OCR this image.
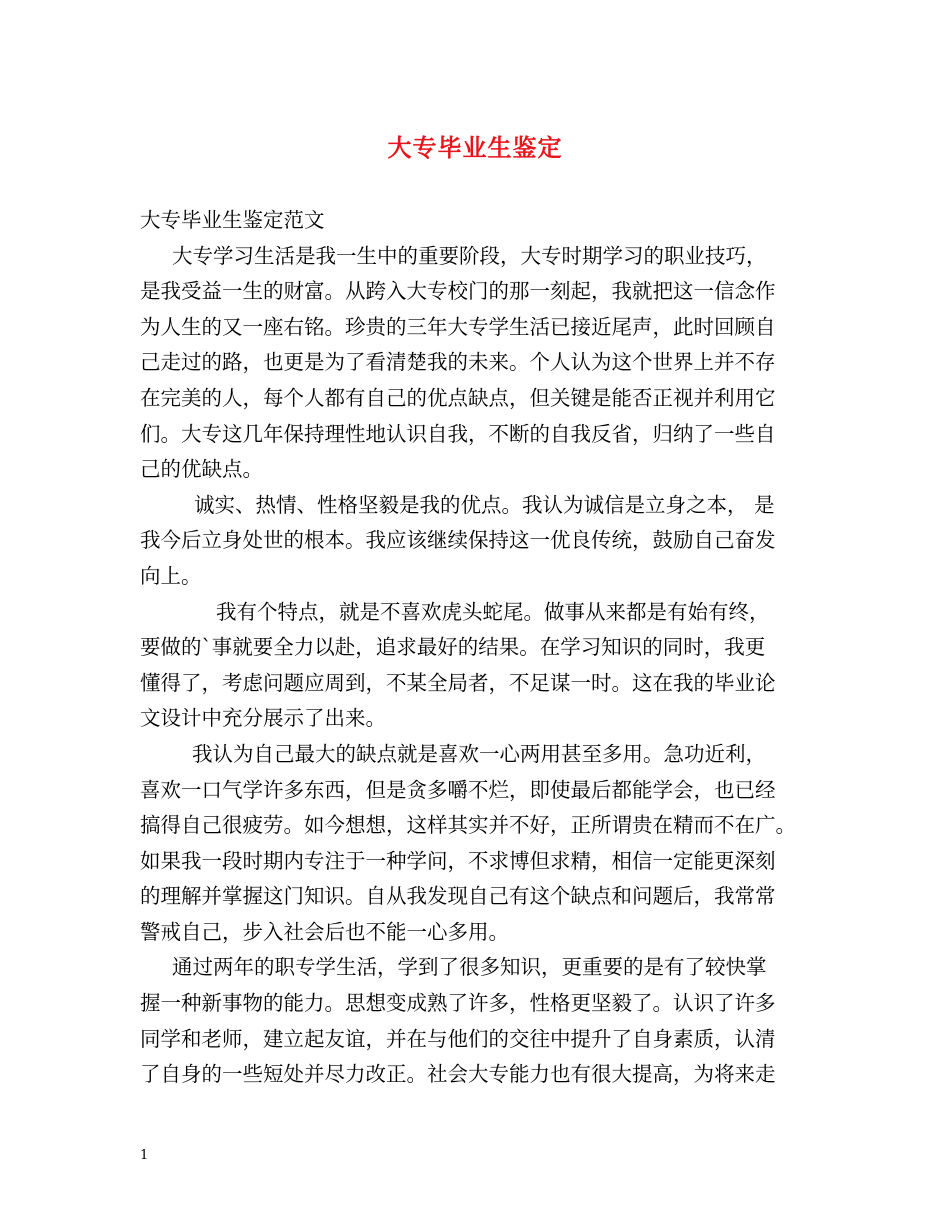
大专毕业生鉴定
大专毕业生鉴定范文
大专学习生活是我一生中的重要阶段，大专时期学习的职业技巧，
是我受益一生的财富。从跨入大专校门的那一刻起，我就把这一信念作
为人生的又一座右铭。珍贵的三年大专学生活已接近尾声，此时回顾自
己走过的路，也更是为了看清楚我的未来。个人认为这个世界上并不存
在完美的人，每个人都有自己的优点缺点，但关键是能否正视并利用它
们。大专这几年保持理性地认识自我，不断的自我反省，归纳了一些自
己的优缺点。
诚实、热情、性格坚毅是我的优点。我认为诚信是立身之本， 是
我今后立身处世的根本。我应该继续保持这一优良传统，鼓励自己奋发
向上。
我有个特点，就是不喜欢虎头蛇尾。做事从来都是有始有终，
要做的`事就要全力以赴，追求最好的结果。在学习知识的同时，我更
懂得了，考虑问题应周到，不某全局者，不足谋一时。这在我的毕业论
文设计中充分展示了出来。
我认为自己最大的缺点就是喜欢一心两用甚至多用。急功近利，
喜欢一口气学许多东西，但是贪多嚼不烂，即使最后都能学会，也已经
搞得自己很疲劳。如今想想，这样其实并不好，正所谓贵在精而不在广。
如果我一段时期内专注于一种学问，不求博但求精，相信一定能更深刻
的理解并掌握这门知识。自从我发现自己有这个缺点和问题后，我常常
警戒自己，步入社会后也不能一心多用。
通过两年的职专学生活，学到了很多知识，更重要的是有了较快掌
握一种新事物的能力。思想变成熟了许多，性格更坚毅了。认识了许多
同学和老师，建立起友谊，并在与他们的交往中提升了自身素质，认清
了自身的一些短处并尽力改正。社会大专能力也有很大提高，为将来走
1
